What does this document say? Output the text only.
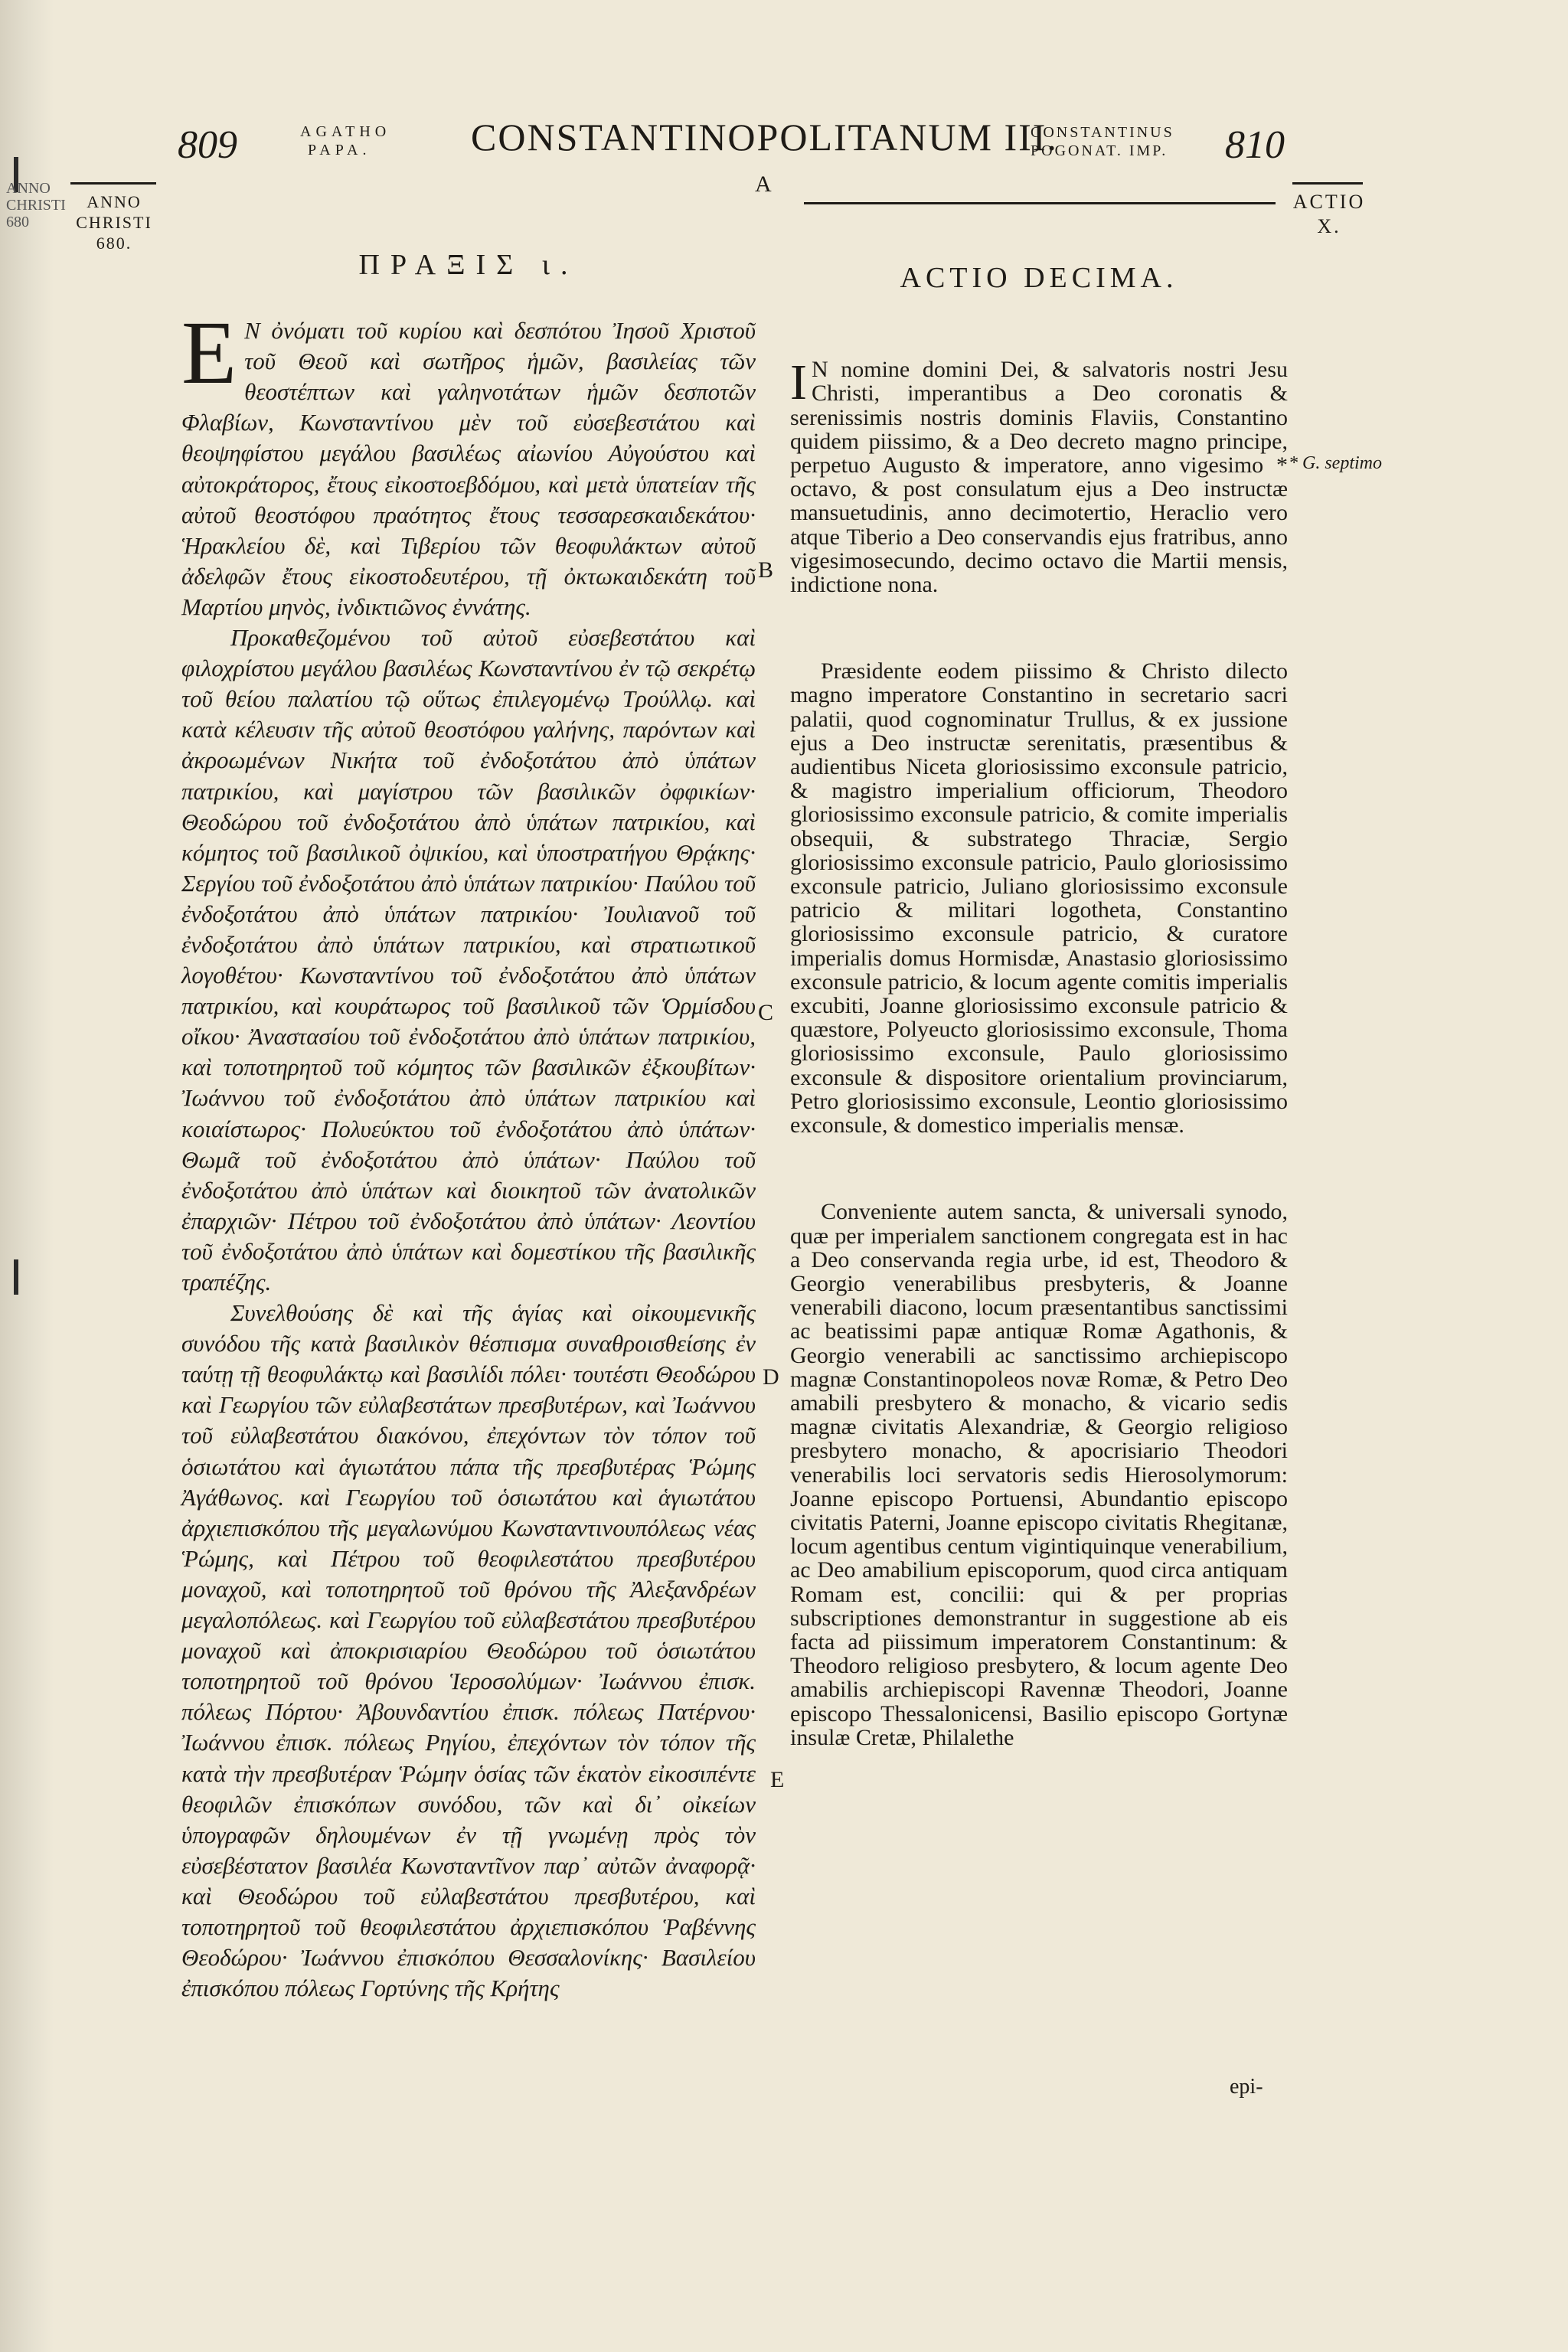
ANNO CHRISTI 680
809	AGATHO
PAPA.	CONSTANTINOPOLITANUM III.
CONSTANTINUS
POGONAT. IMP. 810
A
ANNO
CHRISTI
680.
ACTIO
X.
ΠΡΑΞΙΣ ι.

Ε Ν ὀνόματι τοῦ κυρίου καὶ δεσπότου Ἰησοῦ Χριστοῦ τοῦ Θεοῦ καὶ σωτῆρος ἡμῶν, βασιλείας τῶν θεοστέπτων καὶ γαληνοτάτων ἡμῶν δεσποτῶν Φλαβίων, Κωνσταντίνου μὲν τοῦ εὐσεβεστάτου καὶ θεοψηφίστου μεγάλου βασιλέως αἰωνίου Αὐγούστου καὶ αὐτοκράτορος, ἔτους εἰκοστοεβδόμου, καὶ μετὰ ὑπατείαν τῆς αὐτοῦ θεοστόφου πραότητος ἔτους τεσσαρεσκαιδεκάτου· Ἡρακλείου δὲ, καὶ Τιβερίου τῶν θεοφυλάκτων αὐτοῦ ἀδελφῶν ἔτους εἰκοστοδευτέρου, τῇ ὀκτωκαιδεκάτη τοῦ Μαρτίου μηνὸς, ἰνδικτιῶνος ἐννάτης.

Προκαθεζομένου τοῦ αὐτοῦ εὐσεβεστάτου καὶ φιλοχρίστου μεγάλου βασιλέως Κωνσταντίνου ἐν τῷ σεκρέτῳ τοῦ θείου παλατίου τῷ οὕτως ἐπιλεγομένῳ Τρούλλῳ. καὶ κατὰ κέλευσιν τῆς αὐτοῦ θεοστόφου γαλήνης, παρόντων καὶ ἀκροωμένων Νικήτα τοῦ ἐνδοξοτάτου ἀπὸ ὑπάτων πατρικίου, καὶ μαγίστρου τῶν βασιλικῶν ὀφφικίων· Θεοδώρου τοῦ ἐνδοξοτάτου ἀπὸ ὑπάτων πατρικίου, καὶ κόμητος τοῦ βασιλικοῦ ὀψικίου, καὶ ὑποστρατήγου Θρᾴκης· Σεργίου τοῦ ἐνδοξοτάτου ἀπὸ ὑπάτων πατρικίου· Παύλου τοῦ ἐνδοξοτάτου ἀπὸ ὑπάτων πατρικίου· Ἰουλιανοῦ τοῦ ἐνδοξοτάτου ἀπὸ ὑπάτων πατρικίου, καὶ στρατιωτικοῦ λογοθέτου· Κωνσταντίνου τοῦ ἐνδοξοτάτου ἀπὸ ὑπάτων πατρικίου, καὶ κουράτωρος τοῦ βασιλικοῦ τῶν Ὁρμίσδου οἴκου· Ἀναστασίου τοῦ ἐνδοξοτάτου ἀπὸ ὑπάτων πατρικίου, καὶ τοποτηρητοῦ τοῦ κόμητος τῶν βασιλικῶν ἐξκουβίτων· Ἰωάννου τοῦ ἐνδοξοτάτου ἀπὸ ὑπάτων πατρικίου καὶ κοιαίστωρος· Πολυεύκτου τοῦ ἐνδοξοτάτου ἀπὸ ὑπάτων· Θωμᾶ τοῦ ἐνδοξοτάτου ἀπὸ ὑπάτων· Παύλου τοῦ ἐνδοξοτάτου ἀπὸ ὑπάτων καὶ διοικητοῦ τῶν ἀνατολικῶν ἐπαρχιῶν· Πέτρου τοῦ ἐνδοξοτάτου ἀπὸ ὑπάτων· Λεοντίου τοῦ ἐνδοξοτάτου ἀπὸ ὑπάτων καὶ δομεστίκου τῆς βασιλικῆς τραπέζης.

Συνελθούσης δὲ καὶ τῆς ἁγίας καὶ οἰκουμενικῆς συνόδου τῆς κατὰ βασιλικὸν θέσπισμα συναθροισθείσης ἐν ταύτῃ τῇ θεοφυλάκτῳ καὶ βασιλίδι πόλει· τουτέστι Θεοδώρου καὶ Γεωργίου τῶν εὐλαβεστάτων πρεσβυτέρων, καὶ Ἰωάννου τοῦ εὐλαβεστάτου διακόνου, ἐπεχόντων τὸν τόπον τοῦ ὁσιωτάτου καὶ ἁγιωτάτου πάπα τῆς πρεσβυτέρας Ῥώμης Ἀγάθωνος. καὶ Γεωργίου τοῦ ὁσιωτάτου καὶ ἁγιωτάτου ἀρχιεπισκόπου τῆς μεγαλωνύμου Κωνσταντινουπόλεως νέας Ῥώμης, καὶ Πέτρου τοῦ θεοφιλεστάτου πρεσβυτέρου μοναχοῦ, καὶ τοποτηρητοῦ τοῦ θρόνου τῆς Ἀλεξανδρέων μεγαλοπόλεως. καὶ Γεωργίου τοῦ εὐλαβεστάτου πρεσβυτέρου μοναχοῦ καὶ ἀποκρισιαρίου Θεοδώρου τοῦ ὁσιωτάτου τοποτηρητοῦ τοῦ θρόνου Ἱεροσολύμων· Ἰωάννου ἐπισκ. πόλεως Πόρτου· Ἀβουνδαντίου ἐπισκ. πόλεως Πατέρνου· Ἰωάννου ἐπισκ. πόλεως Ρηγίου, ἐπεχόντων τὸν τόπον τῆς κατὰ τὴν πρεσβυτέραν Ῥώμην ὁσίας τῶν ἑκατὸν εἰκοσιπέντε θεοφιλῶν ἐπισκόπων συνόδου, τῶν καὶ δι᾽ οἰκείων ὑπογραφῶν δηλουμένων ἐν τῇ γνωμένῃ πρὸς τὸν εὐσεβέστατον βασιλέα Κωνσταντῖνον παρ᾽ αὐτῶν ἀναφορᾷ· καὶ Θεοδώρου τοῦ εὐλαβεστάτου πρεσβυτέρου, καὶ τοποτηρητοῦ τοῦ θεοφιλεστάτου ἀρχιεπισκόπου Ῥαβέννης Θεοδώρου· Ἰωάννου ἐπισκόπου Θεσσαλονίκης· Βασιλείου ἐπισκόπου πόλεως Γορτύνης τῆς Κρήτης

B
C
D
E
ACTIO DECIMA.

I N nomine domini Dei, & salvatoris nostri Jesu Christi, imperantibus a Deo coronatis & serenissimis nostris dominis Flaviis, Constantino quidem piissimo, & a Deo decreto magno principe, perpetuo Augusto & imperatore, anno vigesimo * octavo, & post consulatum ejus a Deo instructæ mansuetudinis, anno decimotertio, Heraclio vero atque Tiberio a Deo conservandis ejus fratribus, anno vigesimosecundo, decimo octavo die Martii mensis, indictione nona.

Præsidente eodem piissimo & Christo dilecto magno imperatore Constantino in secretario sacri palatii, quod cognominatur Trullus, & ex jussione ejus a Deo instructæ serenitatis, præsentibus & audientibus Niceta gloriosissimo exconsule patricio, & magistro imperialium officiorum, Theodoro gloriosissimo exconsule patricio, & comite imperialis obsequii, & substratego Thraciæ, Sergio gloriosissimo exconsule patricio, Paulo gloriosissimo exconsule patricio, Juliano gloriosissimo exconsule patricio & militari logotheta, Constantino gloriosissimo exconsule patricio, & curatore imperialis domus Hormisdæ, Anastasio gloriosissimo exconsule patricio, & locum agente comitis imperialis excubiti, Joanne gloriosissimo exconsule patricio & quæstore, Polyeucto gloriosissimo exconsule, Thoma gloriosissimo exconsule, Paulo gloriosissimo exconsule & dispositore orientalium provinciarum, Petro gloriosissimo exconsule, Leontio gloriosissimo exconsule, & domestico imperialis mensæ.

Conveniente autem sancta, & universali synodo, quæ per imperialem sanctionem congregata est in hac a Deo conservanda regia urbe, id est, Theodoro & Georgio venerabilibus presbyteris, & Joanne venerabili diacono, locum præsentantibus sanctissimi ac beatissimi papæ antiquæ Romæ Agathonis, & Georgio venerabili ac sanctissimo archiepiscopo magnæ Constantinopoleos novæ Romæ, & Petro Deo amabili presbytero & monacho, & vicario sedis magnæ civitatis Alexandriæ, & Georgio religioso presbytero monacho, & apocrisiario Theodori venerabilis loci servatoris sedis Hierosolymorum: Joanne episcopo Portuensi, Abundantio episcopo civitatis Paterni, Joanne episcopo civitatis Rhegitanæ, locum agentibus centum vigintiquinque venerabilium, ac Deo amabilium episcoporum, quod circa antiquam Romam est, concilii: qui & per proprias subscriptiones demonstrantur in suggestione ab eis facta ad piissimum imperatorem Constantinum: & Theodoro religioso presbytero, & locum agente Deo amabilis archiepiscopi Ravennæ Theodori, Joanne episcopo Thessalonicensi, Basilio episcopo Gortynæ insulæ Cretæ, Philalethe

* G. septimo
epi-
